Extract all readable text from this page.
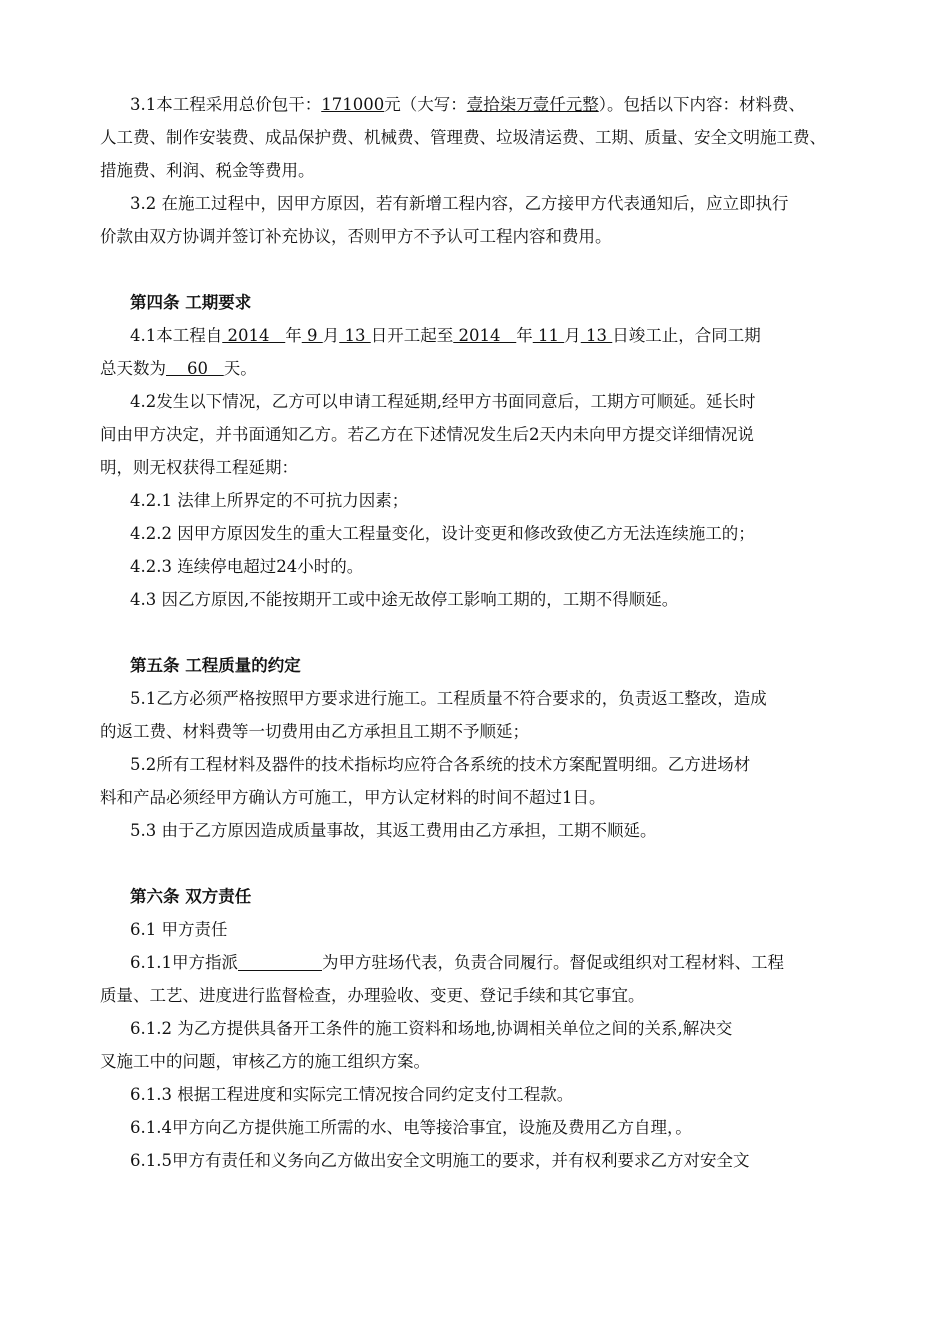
3.1本工程采用总价包干：171000元（大写：壹拾柒万壹仟元整）。包括以下内容：材料费、
人工费、制作安装费、成品保护费、机械费、管理费、垃圾清运费、工期、质量、安全文明施工费、
措施费、利润、税金等费用。
3.2 在施工过程中，因甲方原因，若有新增工程内容，乙方接甲方代表通知后，应立即执行
价款由双方协调并签订补充协议，否则甲方不予认可工程内容和费用。
第四条 工期要求
4.1本工程自 2014 年 9 月 13 日开工起至 2014 年 11 月 13 日竣工止，合同工期
总天数为 60 天。
4.2发生以下情况，乙方可以申请工程延期,经甲方书面同意后，工期方可顺延。延长时
间由甲方决定，并书面通知乙方。若乙方在下述情况发生后2天内未向甲方提交详细情况说
明，则无权获得工程延期：
4.2.1 法律上所界定的不可抗力因素；
4.2.2 因甲方原因发生的重大工程量变化，设计变更和修改致使乙方无法连续施工的；
4.2.3 连续停电超过24小时的。
4.3 因乙方原因,不能按期开工或中途无故停工影响工期的，工期不得顺延。
第五条 工程质量的约定
5.1乙方必须严格按照甲方要求进行施工。工程质量不符合要求的，负责返工整改，造成
的返工费、材料费等一切费用由乙方承担且工期不予顺延；
5.2所有工程材料及器件的技术指标均应符合各系统的技术方案配置明细。乙方进场材
料和产品必须经甲方确认方可施工，甲方认定材料的时间不超过1日。
5.3 由于乙方原因造成质量事故，其返工费用由乙方承担，工期不顺延。
第六条 双方责任
6.1 甲方责任
6.1.1甲方指派	为甲方驻场代表，负责合同履行。督促或组织对工程材料、工程
质量、工艺、进度进行监督检查，办理验收、变更、登记手续和其它事宜。
6.1.2 为乙方提供具备开工条件的施工资料和场地,协调相关单位之间的关系,解决交
叉施工中的问题，审核乙方的施工组织方案。
6.1.3 根据工程进度和实际完工情况按合同约定支付工程款。
6.1.4甲方向乙方提供施工所需的水、电等接洽事宜，设施及费用乙方自理，。
6.1.5甲方有责任和义务向乙方做出安全文明施工的要求，并有权利要求乙方对安全文
